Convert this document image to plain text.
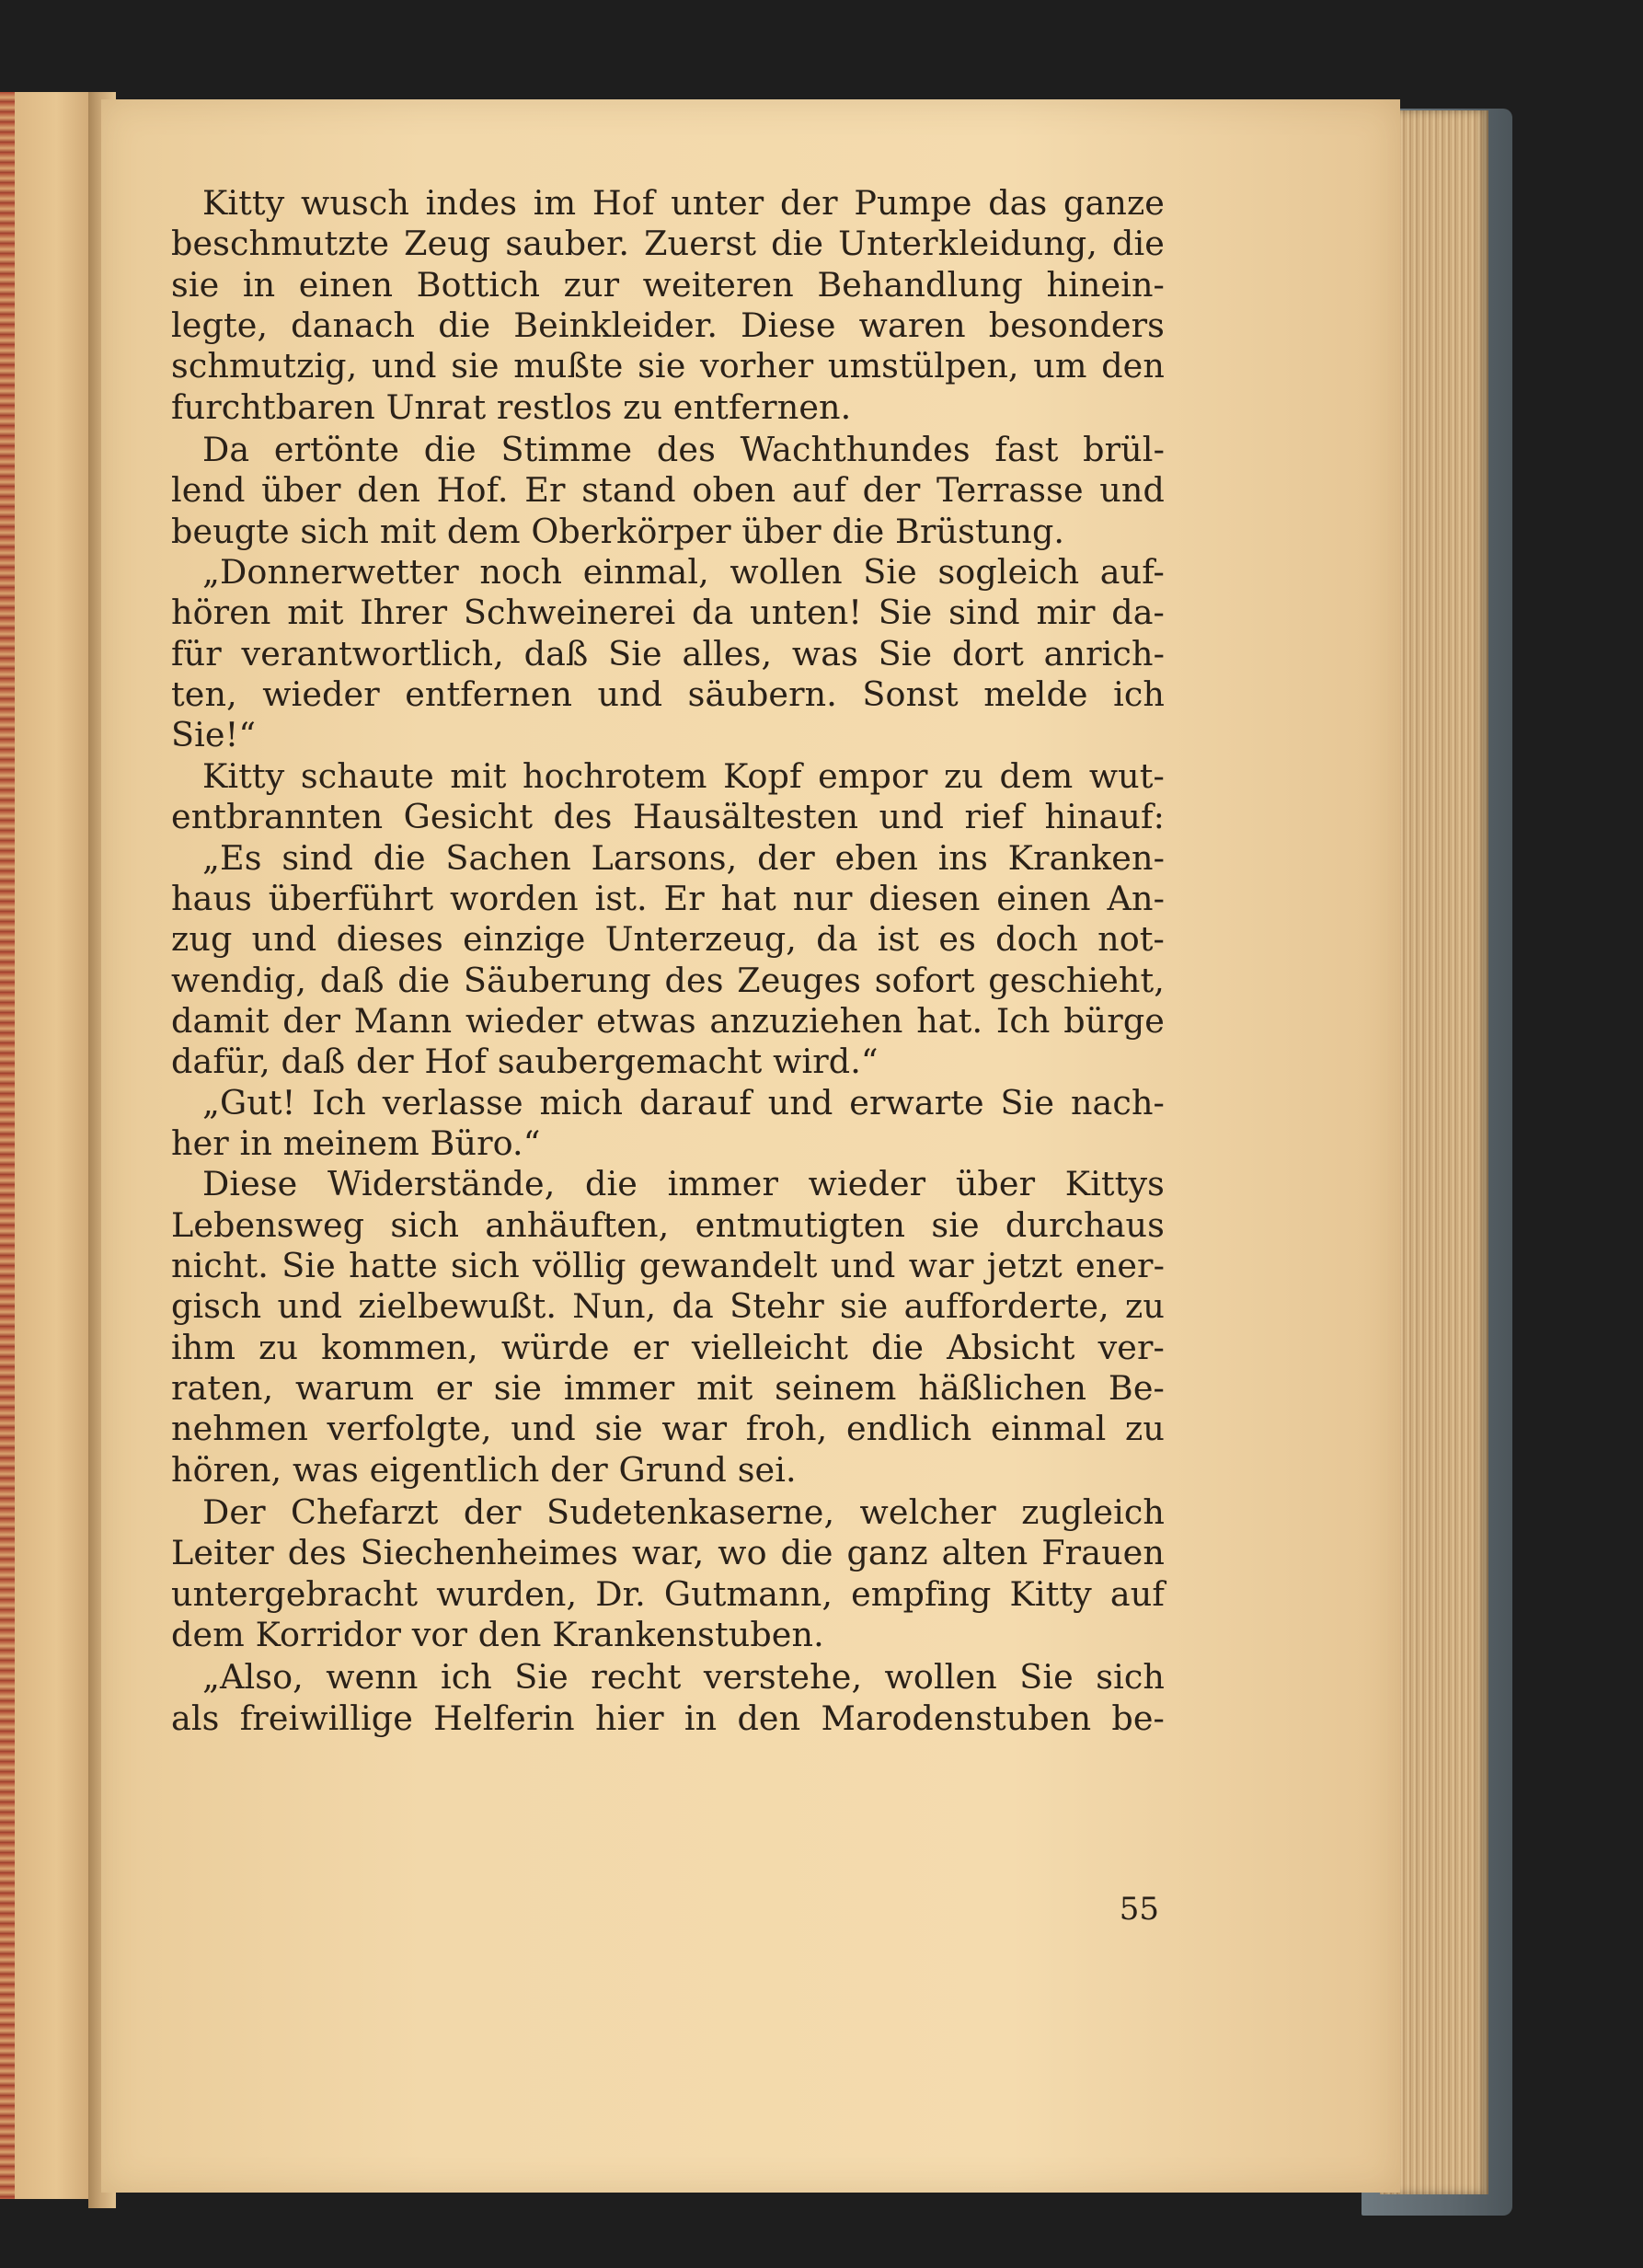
Kitty wusch indes im Hof unter der Pumpe das ganze
beschmutzte Zeug sauber. Zuerst die Unterkleidung, die
sie in einen Bottich zur weiteren Behandlung hinein-
legte, danach die Beinkleider. Diese waren besonders
schmutzig, und sie mußte sie vorher umstülpen, um den
furchtbaren Unrat restlos zu entfernen.
Da ertönte die Stimme des Wachthundes fast brül-
lend über den Hof. Er stand oben auf der Terrasse und
beugte sich mit dem Oberkörper über die Brüstung.
„Donnerwetter noch einmal, wollen Sie sogleich auf-
hören mit Ihrer Schweinerei da unten! Sie sind mir da-
für verantwortlich, daß Sie alles, was Sie dort anrich-
ten, wieder entfernen und säubern. Sonst melde ich
Sie!“
Kitty schaute mit hochrotem Kopf empor zu dem wut-
entbrannten Gesicht des Hausältesten und rief hinauf:
„Es sind die Sachen Larsons, der eben ins Kranken-
haus überführt worden ist. Er hat nur diesen einen An-
zug und dieses einzige Unterzeug, da ist es doch not-
wendig, daß die Säuberung des Zeuges sofort geschieht,
damit der Mann wieder etwas anzuziehen hat. Ich bürge
dafür, daß der Hof saubergemacht wird.“
„Gut! Ich verlasse mich darauf und erwarte Sie nach-
her in meinem Büro.“
Diese Widerstände, die immer wieder über Kittys
Lebensweg sich anhäuften, entmutigten sie durchaus
nicht. Sie hatte sich völlig gewandelt und war jetzt ener-
gisch und zielbewußt. Nun, da Stehr sie aufforderte, zu
ihm zu kommen, würde er vielleicht die Absicht ver-
raten, warum er sie immer mit seinem häßlichen Be-
nehmen verfolgte, und sie war froh, endlich einmal zu
hören, was eigentlich der Grund sei.
Der Chefarzt der Sudetenkaserne, welcher zugleich
Leiter des Siechenheimes war, wo die ganz alten Frauen
untergebracht wurden, Dr. Gutmann, empfing Kitty auf
dem Korridor vor den Krankenstuben.
„Also, wenn ich Sie recht verstehe, wollen Sie sich
als freiwillige Helferin hier in den Marodenstuben be-
55
